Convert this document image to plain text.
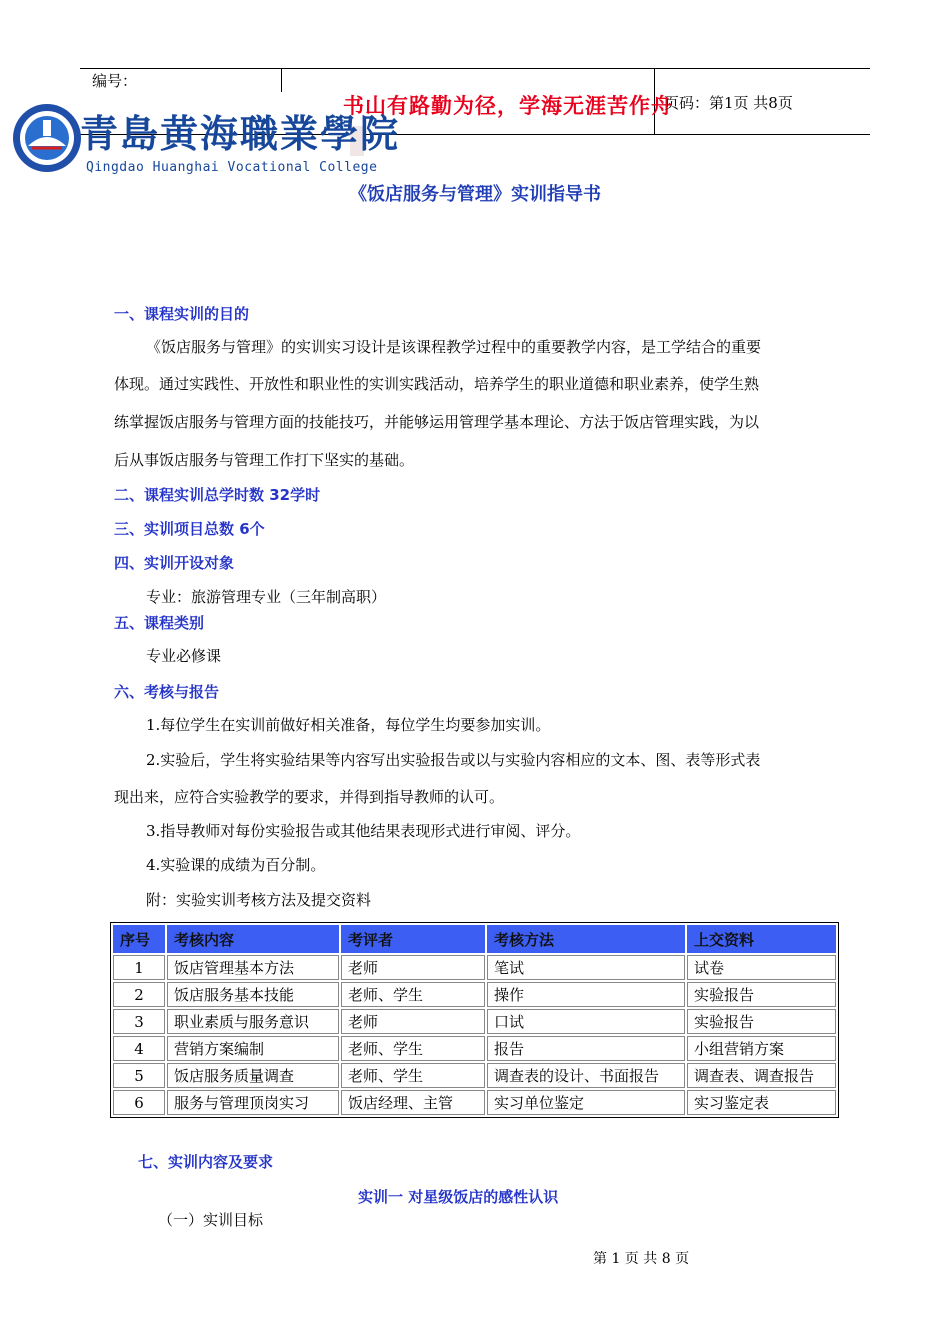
编号：
书山有路勤为径，学海无涯苦作舟
页码：第1页 共8页
青島黄海職業學院
Qingdao Huanghai Vocational College
《饭店服务与管理》实训指导书
一、课程实训的目的
《饭店服务与管理》的实训实习设计是该课程教学过程中的重要教学内容，是工学结合的重要
体现。通过实践性、开放性和职业性的实训实践活动，培养学生的职业道德和职业素养，使学生熟
练掌握饭店服务与管理方面的技能技巧，并能够运用管理学基本理论、方法于饭店管理实践，为以
后从事饭店服务与管理工作打下坚实的基础。
二、课程实训总学时数 32学时
三、实训项目总数 6个
四、实训开设对象
专业：旅游管理专业（三年制高职）
五、课程类别
专业必修课
六、考核与报告
1.每位学生在实训前做好相关准备，每位学生均要参加实训。
2.实验后，学生将实验结果等内容写出实验报告或以与实验内容相应的文本、图、表等形式表
现出来，应符合实验教学的要求，并得到指导教师的认可。
3.指导教师对每份实验报告或其他结果表现形式进行审阅、评分。
4.实验课的成绩为百分制。
附：实验实训考核方法及提交资料
序号	考核内容	考评者	考核方法	上交资料
1	饭店管理基本方法	老师	笔试	试卷
2	饭店服务基本技能	老师、学生	操作	实验报告
3	职业素质与服务意识	老师	口试	实验报告
4	营销方案编制	老师、学生	报告	小组营销方案
5	饭店服务质量调查	老师、学生	调查表的设计、书面报告	调查表、调查报告
6	服务与管理顶岗实习	饭店经理、主管	实习单位鉴定	实习鉴定表
七、实训内容及要求
实训一 对星级饭店的感性认识
（一）实训目标
第 1 页 共 8 页
